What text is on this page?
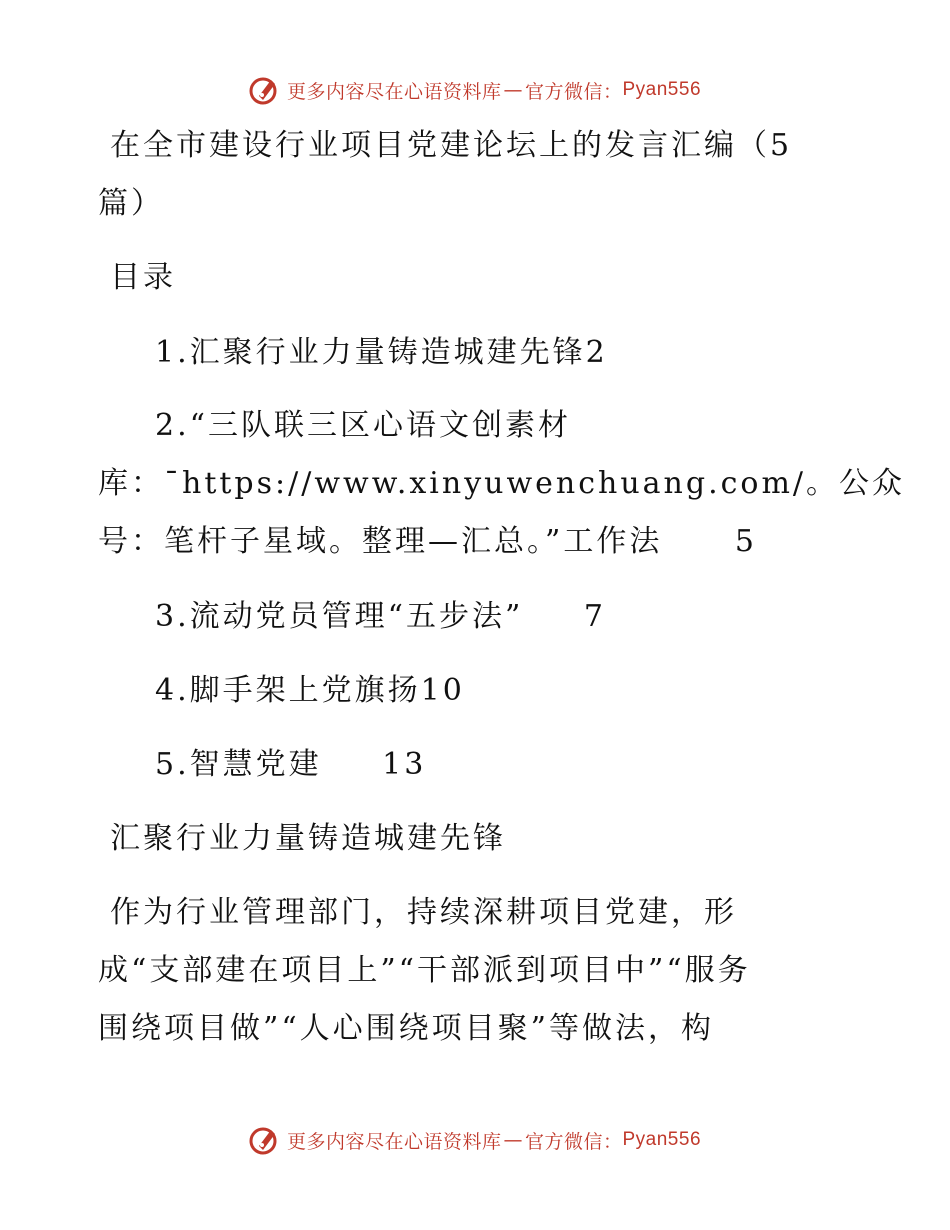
更多内容尽在心语资料库 — 官方微信： Pyan556
在全市建设行业项目党建论坛上的发言汇编（5
篇）
目录
1.汇聚行业力量铸造城建先锋2
2.“三队联三区心语文创素材
库：¯https://www.xinyuwenchuang.com/。公众
号：笔杆子星域。整理—汇总。”工作法 5
3.流动党员管理“五步法” 7
4.脚手架上党旗扬10
5.智慧党建 13
汇聚行业力量铸造城建先锋
作为行业管理部门，持续深耕项目党建，形
成“支部建在项目上”“干部派到项目中”“服务
围绕项目做”“人心围绕项目聚”等做法，构
更多内容尽在心语资料库 — 官方微信： Pyan556
